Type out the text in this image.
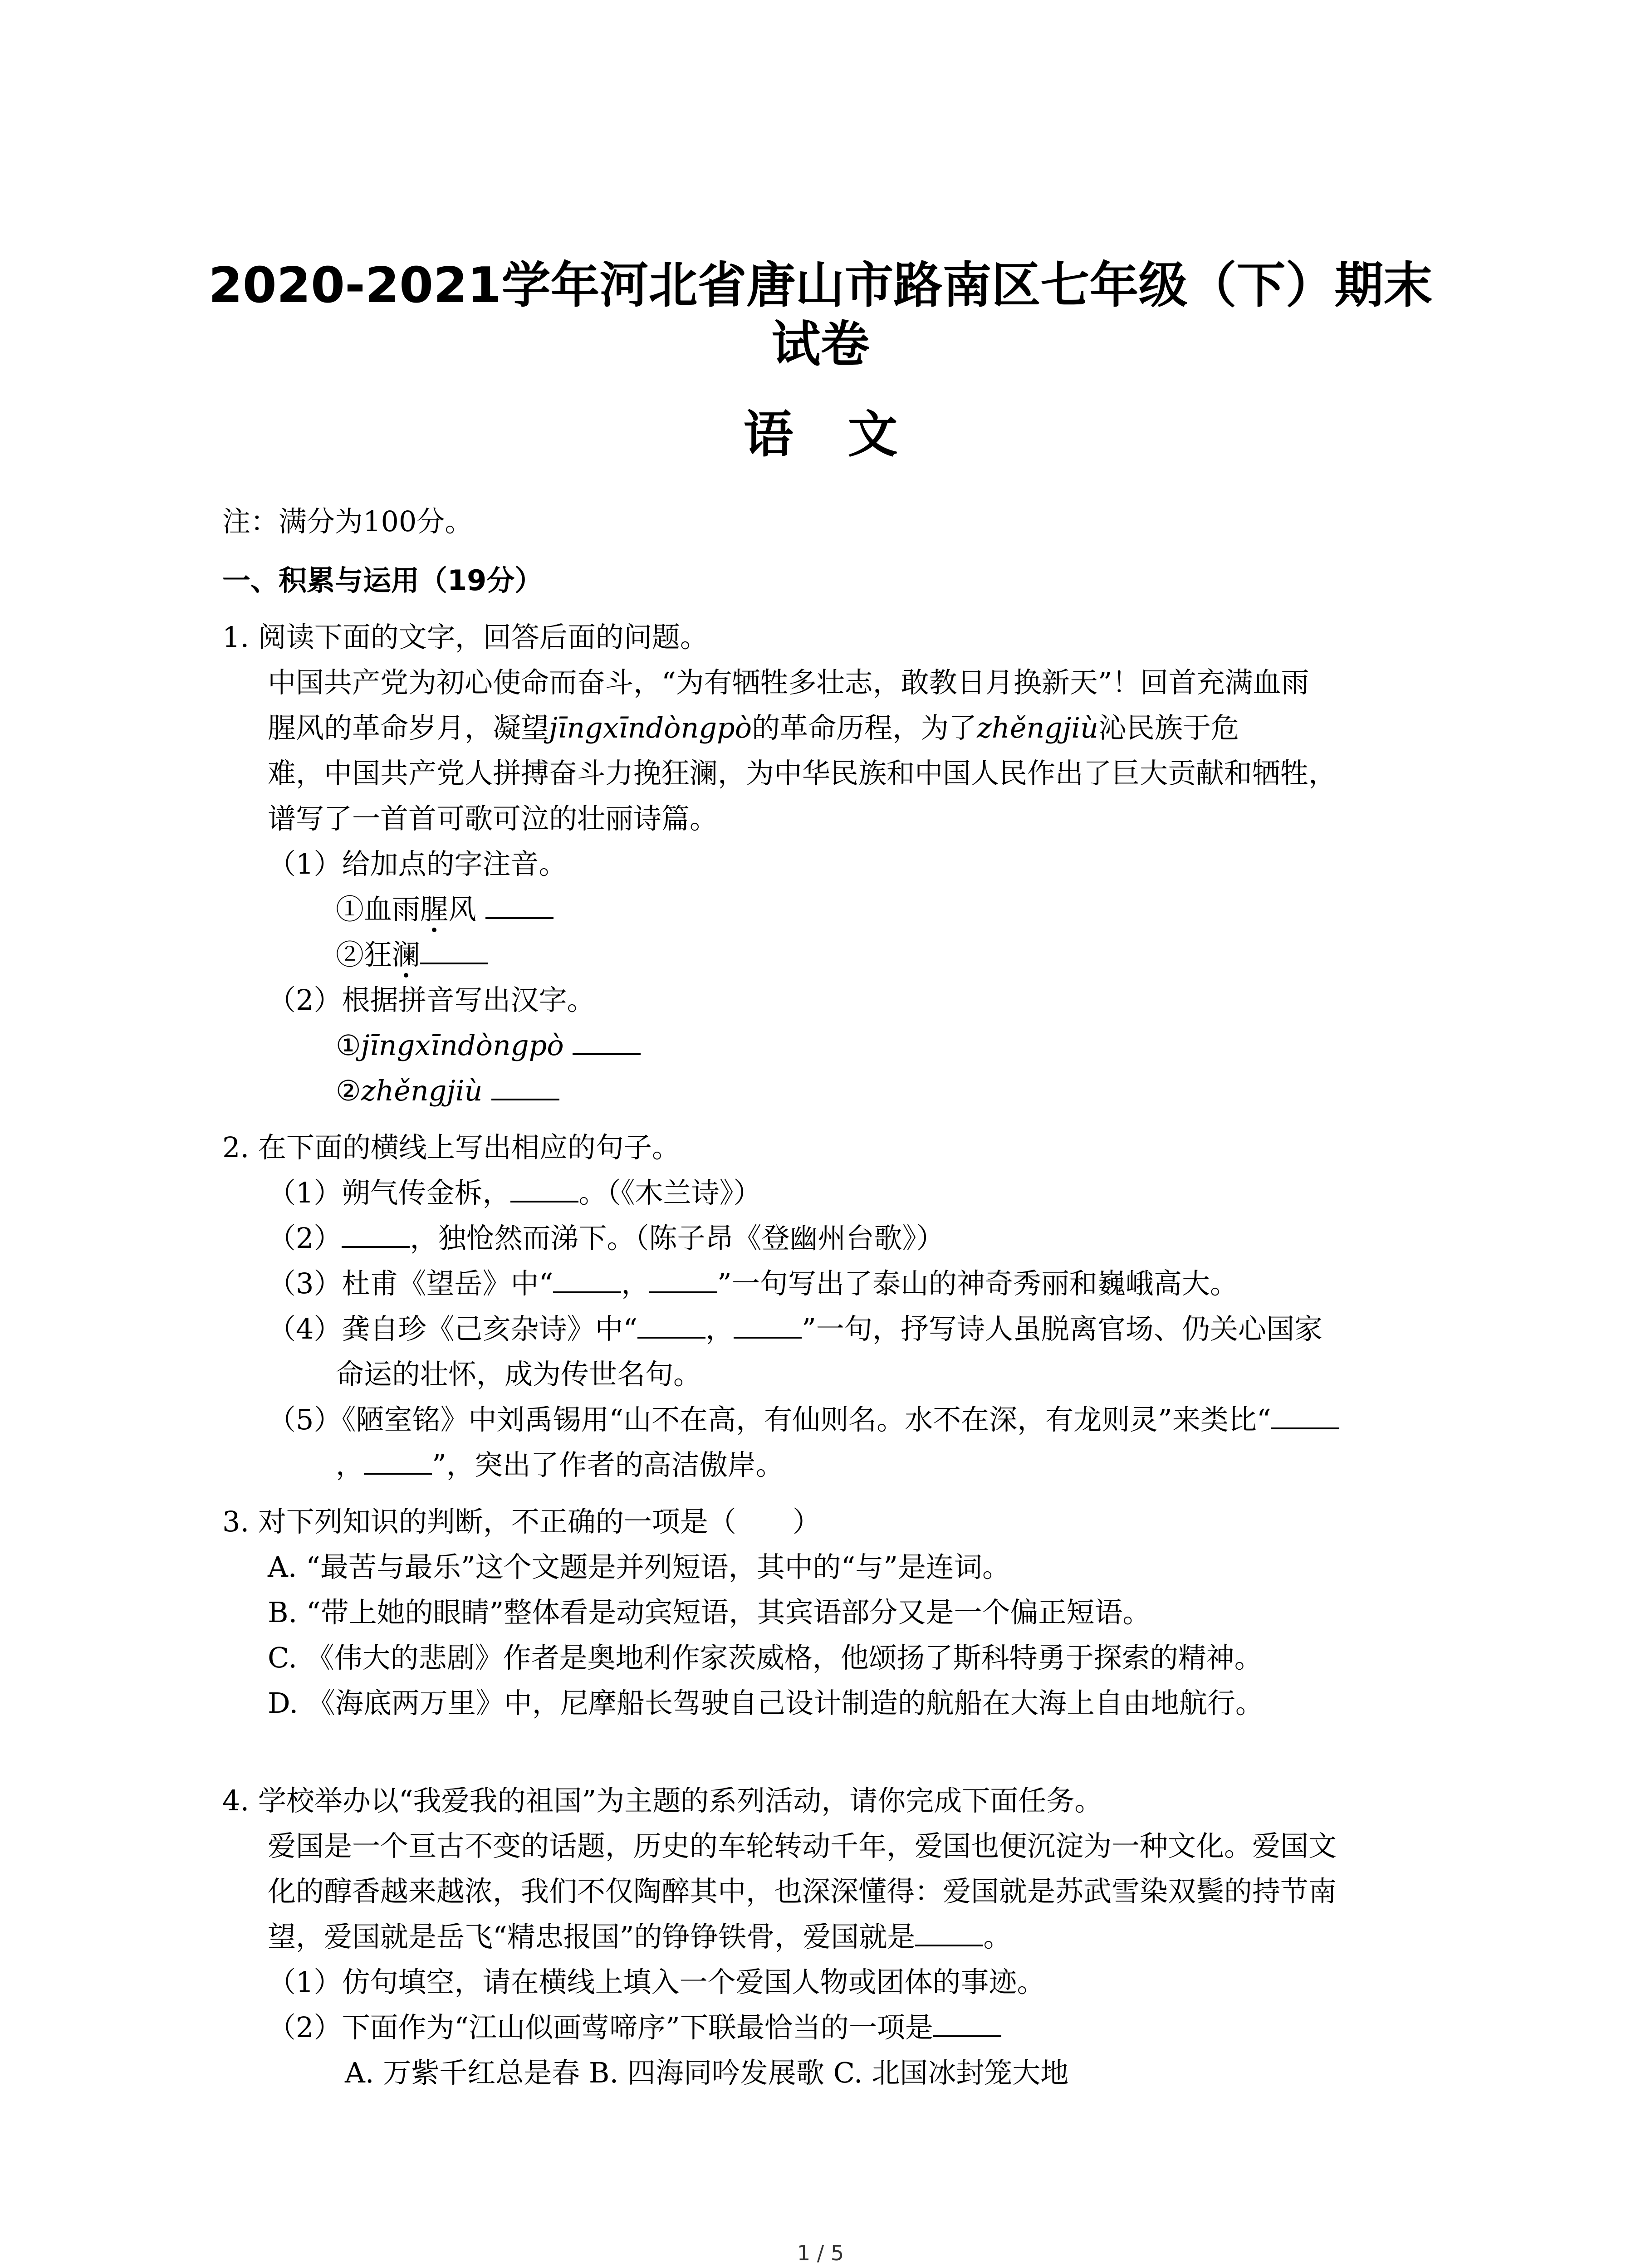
2020-2021学年河北省唐山市路南区七年级（下）期末
试卷
语文
注：满分为100分。
一、积累与运用（19分）
1. 阅读下面的文字，回答后面的问题。
中国共产党为初心使命而奋斗，“为有牺牲多壮志，敢教日月换新天”！回首充满血雨
腥风的革命岁月，凝望jīngxīndòngpò的革命历程，为了zhěngjiù沁民族于危
难，中国共产党人拼搏奋斗力挽狂澜，为中华民族和中国人民作出了巨大贡献和牺牲，
谱写了一首首可歌可泣的壮丽诗篇。
（1）给加点的字注音。
①血雨腥风
②狂澜
（2）根据拼音写出汉字。
①jīngxīndòngpò
②zhěngjiù
2. 在下面的横线上写出相应的句子。
（1）朔气传金柝， 。（《木兰诗》）
（2） ，独怆然而涕下。（陈子昂《登幽州台歌》）
（3）杜甫《望岳》中“ ， ”一句写出了泰山的神奇秀丽和巍峨高大。
（4）龚自珍《己亥杂诗》中“ ， ”一句，抒写诗人虽脱离官场、仍关心国家
命运的壮怀，成为传世名句。
（5）《陋室铭》中刘禹锡用“山不在高，有仙则名。水不在深，有龙则灵”来类比“
， ”，突出了作者的高洁傲岸。
3. 对下列知识的判断，不正确的一项是（　　）
A. “最苦与最乐”这个文题是并列短语，其中的“与”是连词。
B. “带上她的眼睛”整体看是动宾短语，其宾语部分又是一个偏正短语。
C. 《伟大的悲剧》作者是奥地利作家茨威格，他颂扬了斯科特勇于探索的精神。
D. 《海底两万里》中，尼摩船长驾驶自己设计制造的航船在大海上自由地航行。
4. 学校举办以“我爱我的祖国”为主题的系列活动，请你完成下面任务。
爱国是一个亘古不变的话题，历史的车轮转动千年，爱国也便沉淀为一种文化。爱国文
化的醇香越来越浓，我们不仅陶醉其中，也深深懂得：爱国就是苏武雪染双鬓的持节南
望，爱国就是岳飞“精忠报国”的铮铮铁骨，爱国就是 。
（1）仿句填空，请在横线上填入一个爱国人物或团体的事迹。
（2）下面作为“江山似画莺啼序”下联最恰当的一项是
A. 万紫千红总是春 B. 四海同吟发展歌 C. 北国冰封笼大地
1 / 5
